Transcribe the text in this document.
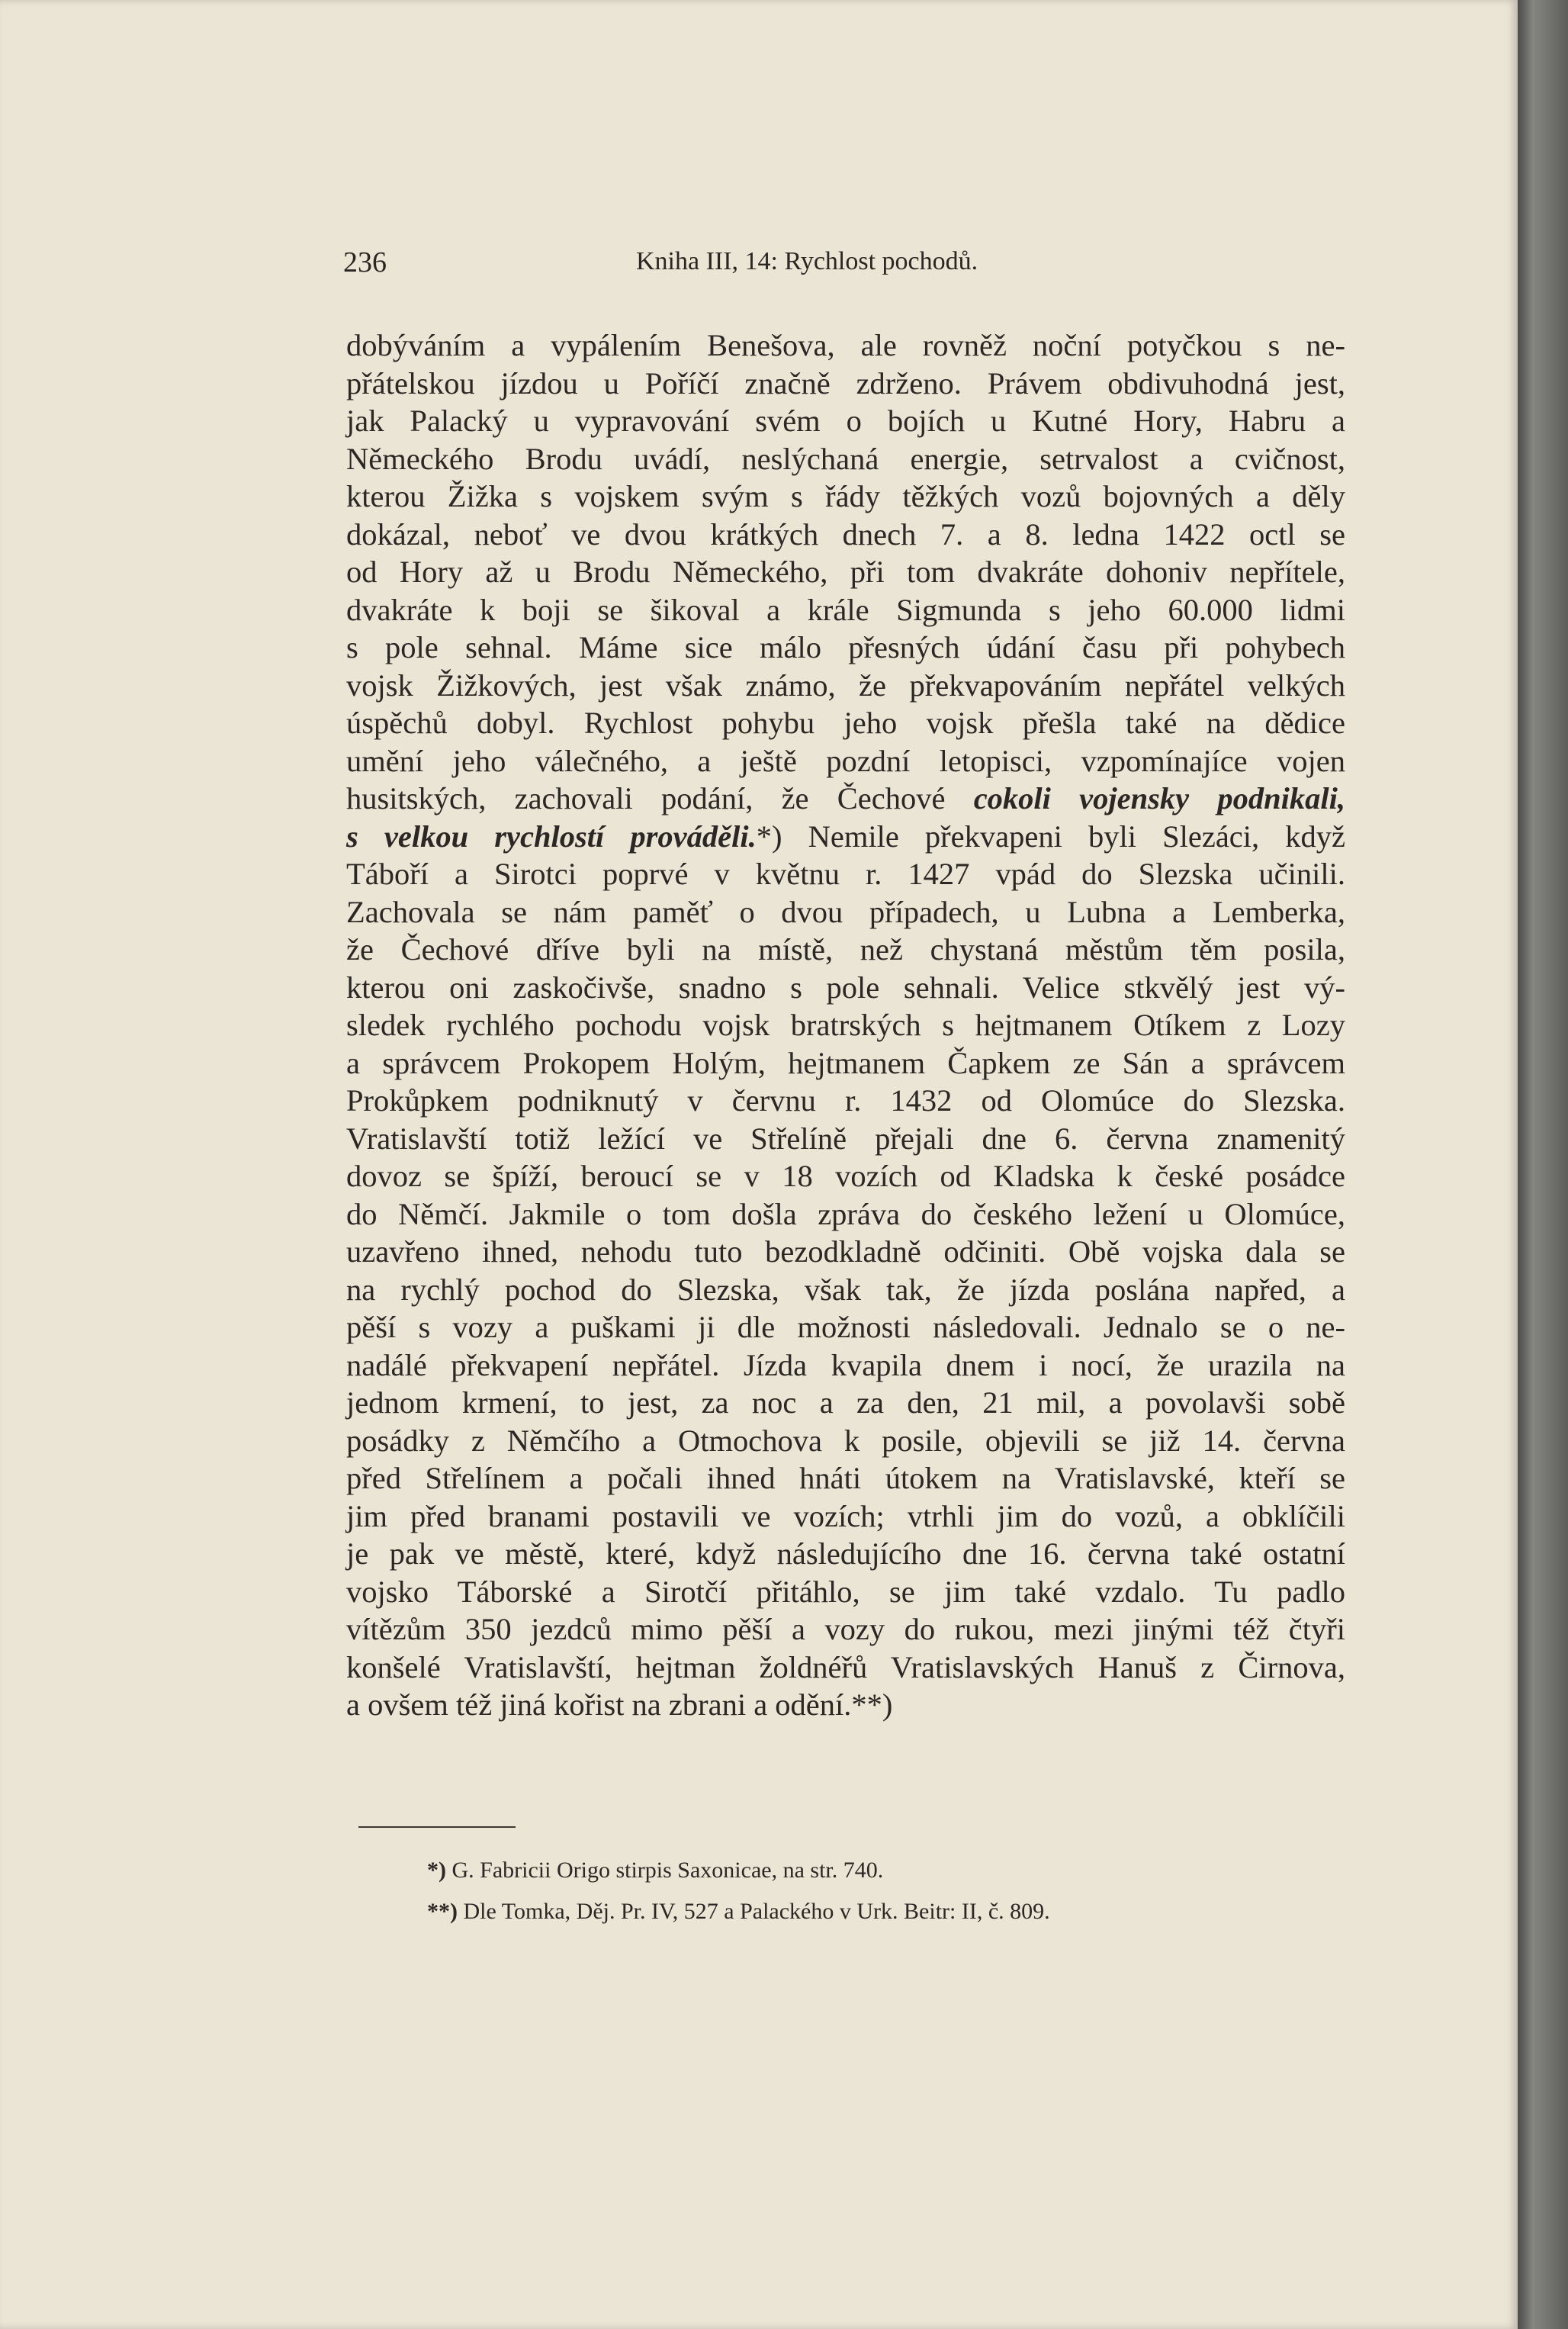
236	Kniha III, 14: Rychlost pochodů.
dobýváním a vypálením Benešova, ale rovněž noční potyčkou s ne-
přátelskou jízdou u Poříčí značně zdrženo. Právem obdivuhodná jest,
jak Palacký u vypravování svém o bojích u Kutné Hory, Habru a
Německého Brodu uvádí, neslýchaná energie, setrvalost a cvičnost,
kterou Žižka s vojskem svým s řády těžkých vozů bojovných a děly
dokázal, neboť ve dvou krátkých dnech 7. a 8. ledna 1422 octl se
od Hory až u Brodu Německého, při tom dvakráte dohoniv nepřítele,
dvakráte k boji se šikoval a krále Sigmunda s jeho 60.000 lidmi
s pole sehnal. Máme sice málo přesných údání času při pohybech
vojsk Žižkových, jest však známo, že překvapováním nepřátel velkých
úspěchů dobyl. Rychlost pohybu jeho vojsk přešla také na dědice
umění jeho válečného, a ještě pozdní letopisci, vzpomínajíce vojen
husitských, zachovali podání, že Čechové cokoli vojensky podnikali,
s velkou rychlostí prováděli.*) Nemile překvapeni byli Slezáci, když
Táboří a Sirotci poprvé v květnu r. 1427 vpád do Slezska učinili.
Zachovala se nám paměť o dvou případech, u Lubna a Lemberka,
že Čechové dříve byli na místě, než chystaná městům těm posila,
kterou oni zaskočivše, snadno s pole sehnali. Velice stkvělý jest vý-
sledek rychlého pochodu vojsk bratrských s hejtmanem Otíkem z Lozy
a správcem Prokopem Holým, hejtmanem Čapkem ze Sán a správcem
Prokůpkem podniknutý v červnu r. 1432 od Olomúce do Slezska.
Vratislavští totiž ležící ve Střelíně přejali dne 6. června znamenitý
dovoz se špíží, beroucí se v 18 vozích od Kladska k české posádce
do Němčí. Jakmile o tom došla zpráva do českého ležení u Olomúce,
uzavřeno ihned, nehodu tuto bezodkladně odčiniti. Obě vojska dala se
na rychlý pochod do Slezska, však tak, že jízda poslána napřed, a
pěší s vozy a puškami ji dle možnosti následovali. Jednalo se o ne-
nadálé překvapení nepřátel. Jízda kvapila dnem i nocí, že urazila na
jednom krmení, to jest, za noc a za den, 21 mil, a povolavši sobě
posádky z Němčího a Otmochova k posile, objevili se již 14. června
před Střelínem a počali ihned hnáti útokem na Vratislavské, kteří se
jim před branami postavili ve vozích; vtrhli jim do vozů, a obklíčili
je pak ve městě, které, když následujícího dne 16. června také ostatní
vojsko Táborské a Sirotčí přitáhlo, se jim také vzdalo. Tu padlo
vítězům 350 jezdců mimo pěší a vozy do rukou, mezi jinými též čtyři
konšelé Vratislavští, hejtman žoldnéřů Vratislavských Hanuš z Čirnova,
a ovšem též jiná kořist na zbrani a odění.**)
*) G. Fabricii Origo stirpis Saxonicae, na str. 740.
**) Dle Tomka, Děj. Pr. IV, 527 a Palackého v Urk. Beitr: II, č. 809.
